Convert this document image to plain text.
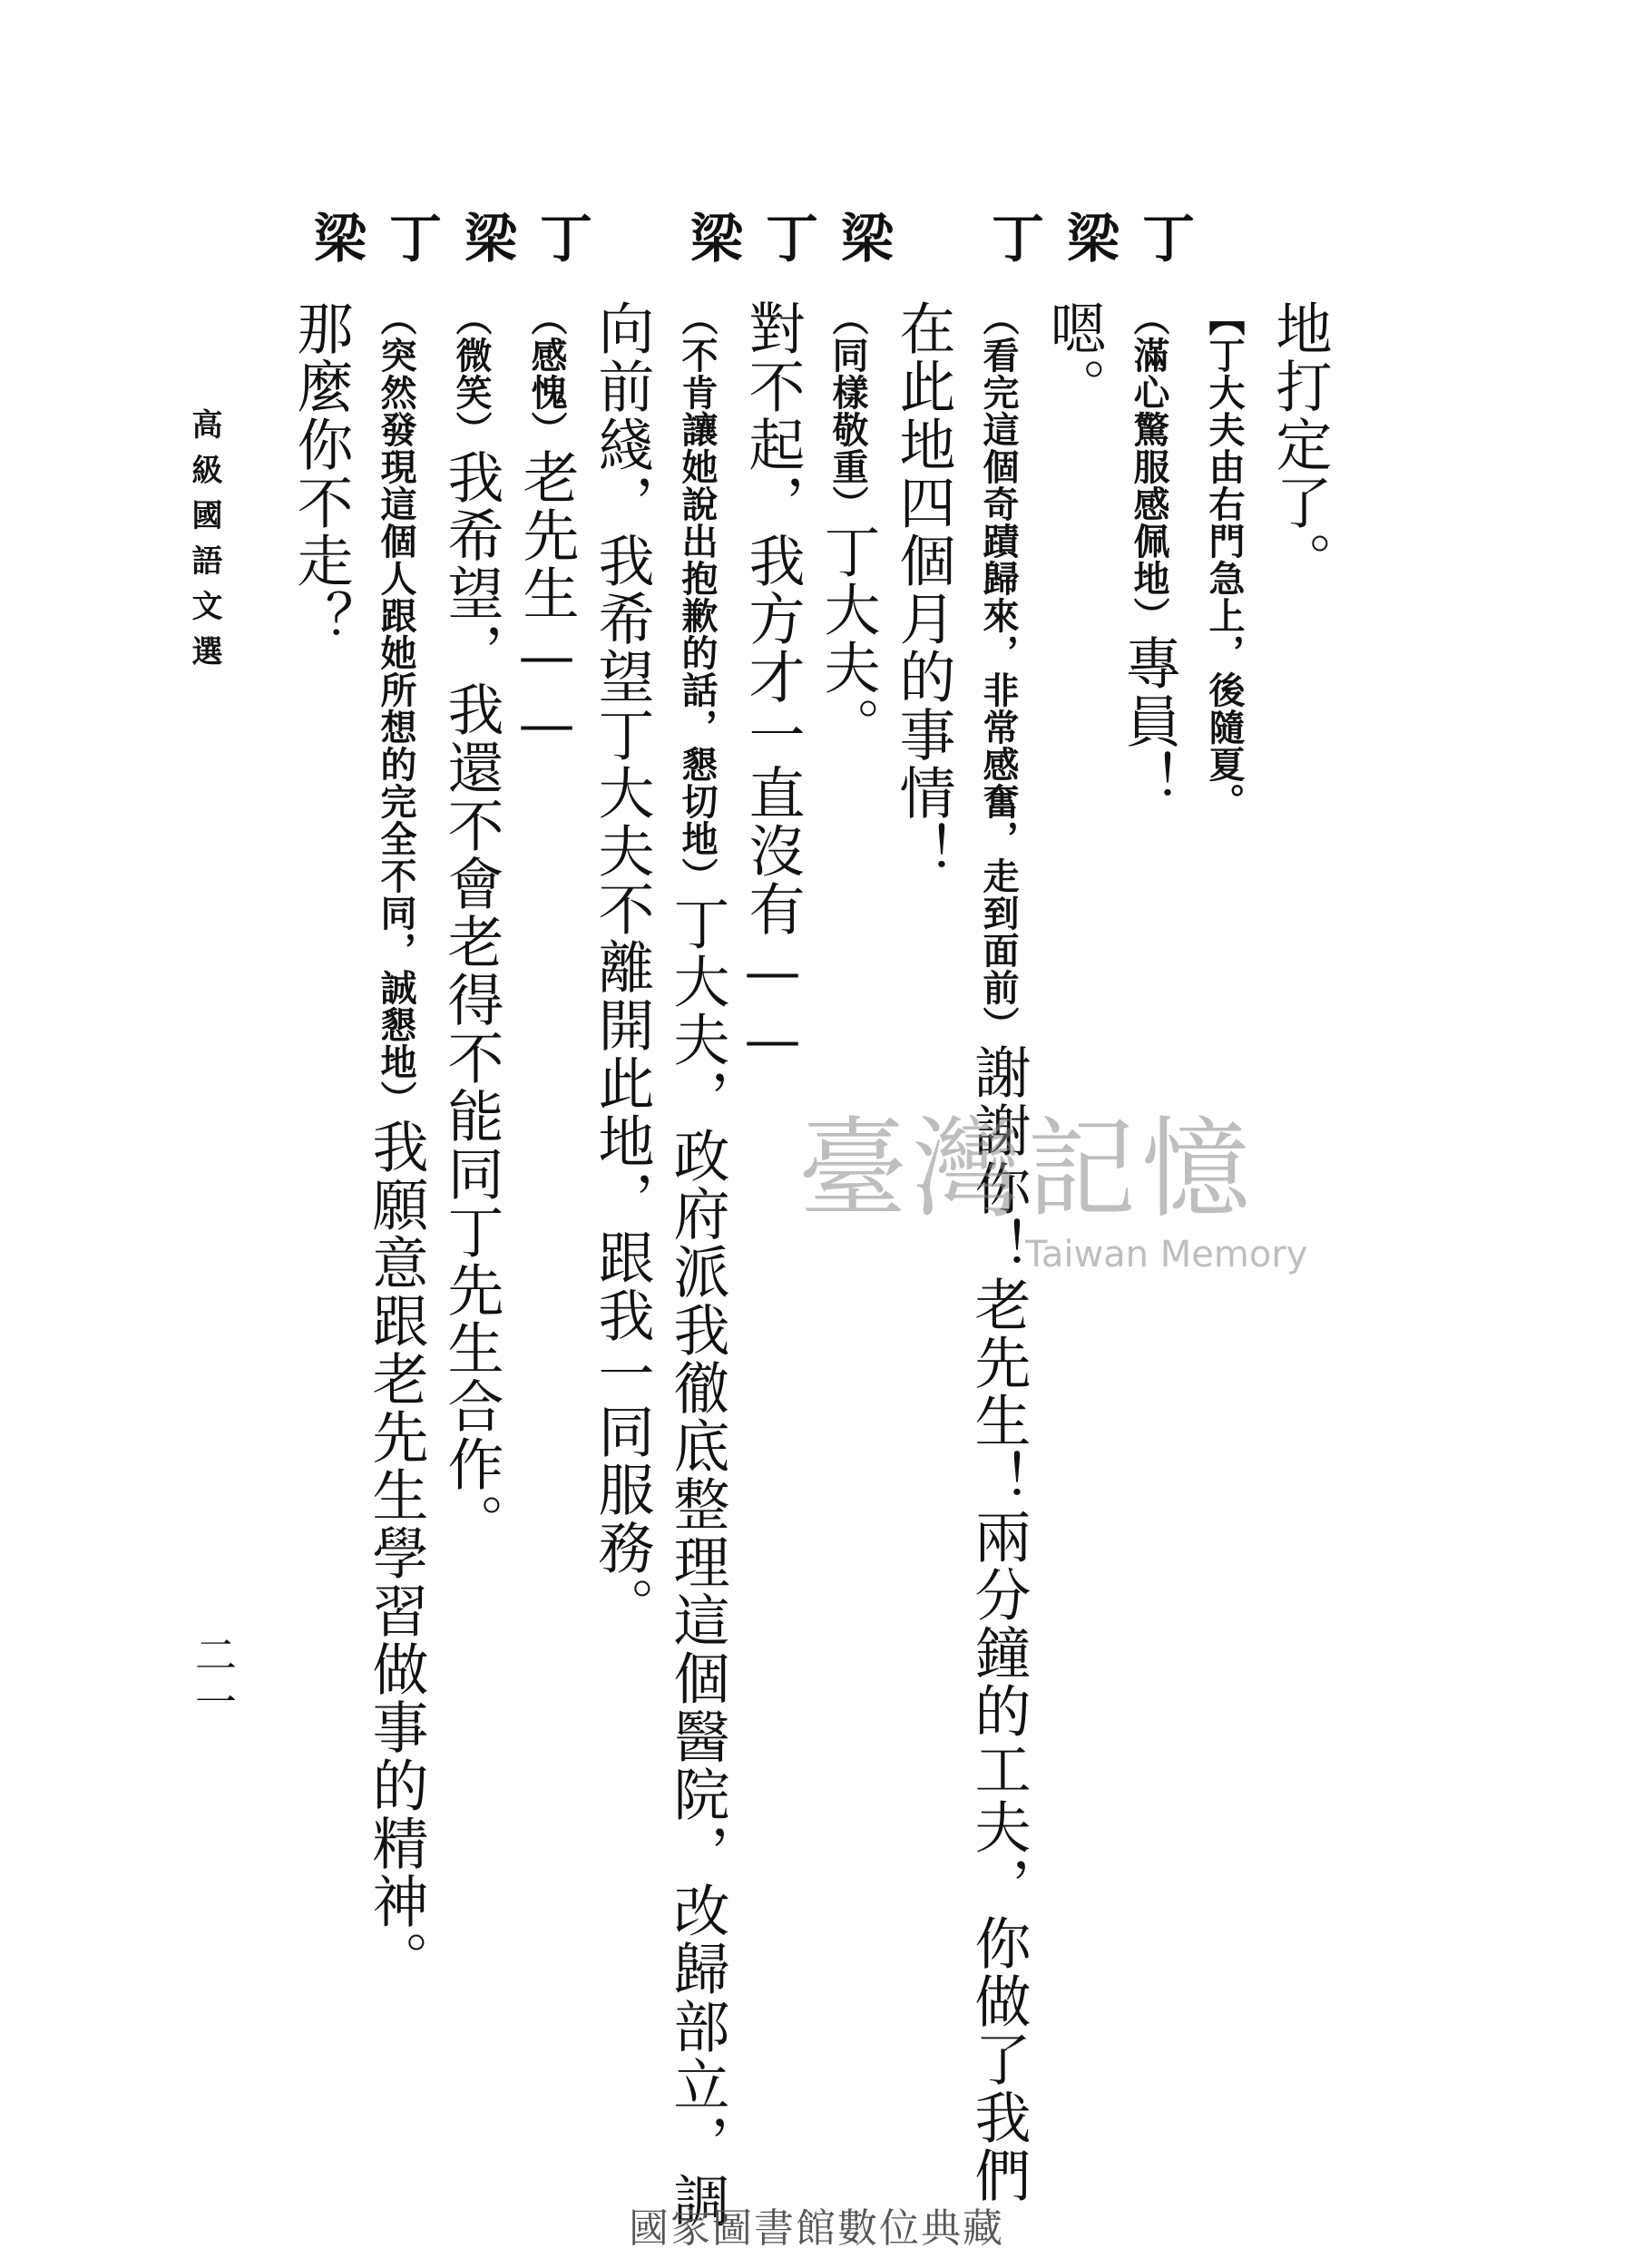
高級國語文選
二一
地打定了。
【丁大夫由右門急上，後隨夏。
丁
（滿心驚服感佩地）專員！
梁
嗯。
丁
（看完這個奇蹟歸來，非常感奮，走到面前）謝謝你！老先生！兩分鐘的工夫，你做了我們
在此地四個月的事情！
梁
（同樣敬重）丁大夫。
丁
對不起，我方才一直沒有——
梁
（不肯讓她說出抱歉的話，懇切地）丁大夫，政府派我徹底整理這個醫院，改歸部立，調
向前綫，我希望丁大夫不離開此地，跟我一同服務。
丁
（感愧）老先生——
梁
（微笑）我希望，我還不會老得不能同丁先生合作。
丁
（突然發現這個人跟她所想的完全不同，誠懇地）我願意跟老先生學習做事的精神。
梁
那麼你不走？
臺灣記憶
Taiwan Memory
國家圖書館數位典藏
